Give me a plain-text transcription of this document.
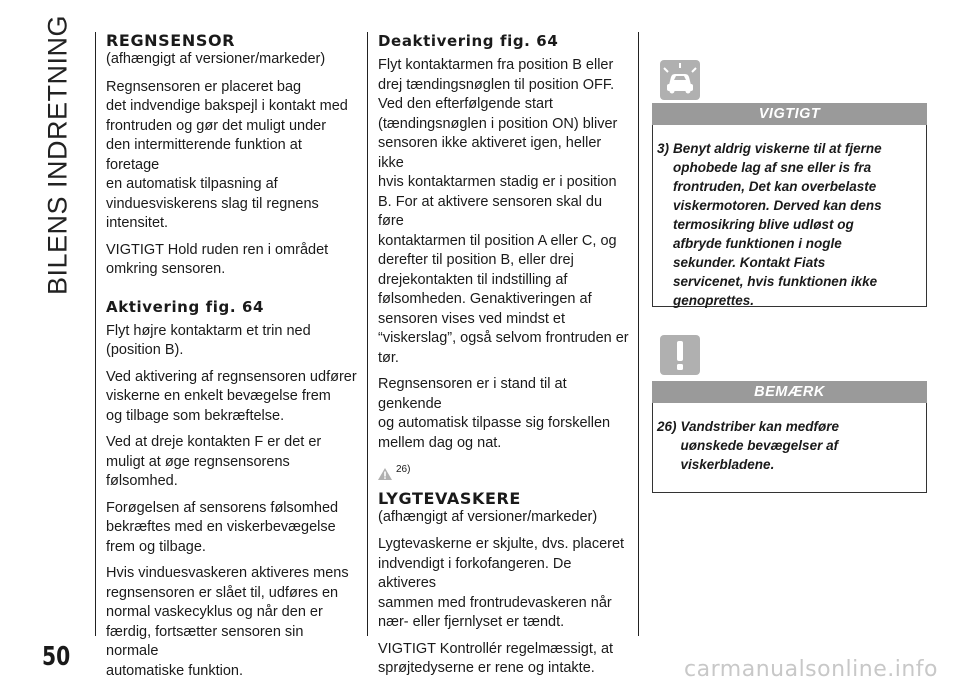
BILENS INDRETNING
50	carmanualsonline.info
REGNSENSOR

(afhængigt af versioner/markeder)

Regnsensoren er placeret bag
det indvendige bakspejl i kontakt med
frontruden og gør det muligt under
den intermitterende funktion at foretage
en automatisk tilpasning af
vinduesviskerens slag til regnens
intensitet.

VIGTIGT Hold ruden ren i området
omkring sensoren.

Aktivering fig. 64

Flyt højre kontaktarm et trin ned
(position B).

Ved aktivering af regnsensoren udfører
viskerne en enkelt bevægelse frem
og tilbage som bekræftelse.

Ved at dreje kontakten F er det er
muligt at øge regnsensorens
følsomhed.

Forøgelsen af sensorens følsomhed
bekræftes med en viskerbevægelse
frem og tilbage.

Hvis vinduesvaskeren aktiveres mens
regnsensoren er slået til, udføres en
normal vaskecyklus og når den er
færdig, fortsætter sensoren sin normale
automatiske funktion.

Deaktivering fig. 64

Flyt kontaktarmen fra position B eller
drej tændingsnøglen til position OFF.
Ved den efterfølgende start
(tændingsnøglen i position ON) bliver
sensoren ikke aktiveret igen, heller ikke
hvis kontaktarmen stadig er i position
B. For at aktivere sensoren skal du føre
kontaktarmen til position A eller C, og
derefter til position B, eller drej
drejekontakten til indstilling af
følsomheden. Genaktiveringen af
sensoren vises ved mindst et
“viskerslag”, også selvom frontruden er
tør.

Regnsensoren er i stand til at genkende
og automatisk tilpasse sig forskellen
mellem dag og nat.

26)
LYGTEVASKERE

(afhængigt af versioner/markeder)

Lygtevaskerne er skjulte, dvs. placeret
indvendigt i forkofangeren. De aktiveres
sammen med frontrudevaskeren når
nær- eller fjernlyset er tændt.

VIGTIGT Kontrollér regelmæssigt, at
sprøjtedyserne er rene og intakte.

VIGTIGT
3) Benyt aldrig viskerne til at fjerne
ophobede lag af sne eller is fra
frontruden, Det kan overbelaste
viskermotoren. Derved kan dens
termosikring blive udløst og
afbryde funktionen i nogle
sekunder. Kontakt Fiats
servicenet, hvis funktionen ikke
genoprettes.
BEMÆRK
26) Vandstriber kan medføre
uønskede bevægelser af
viskerbladene.
